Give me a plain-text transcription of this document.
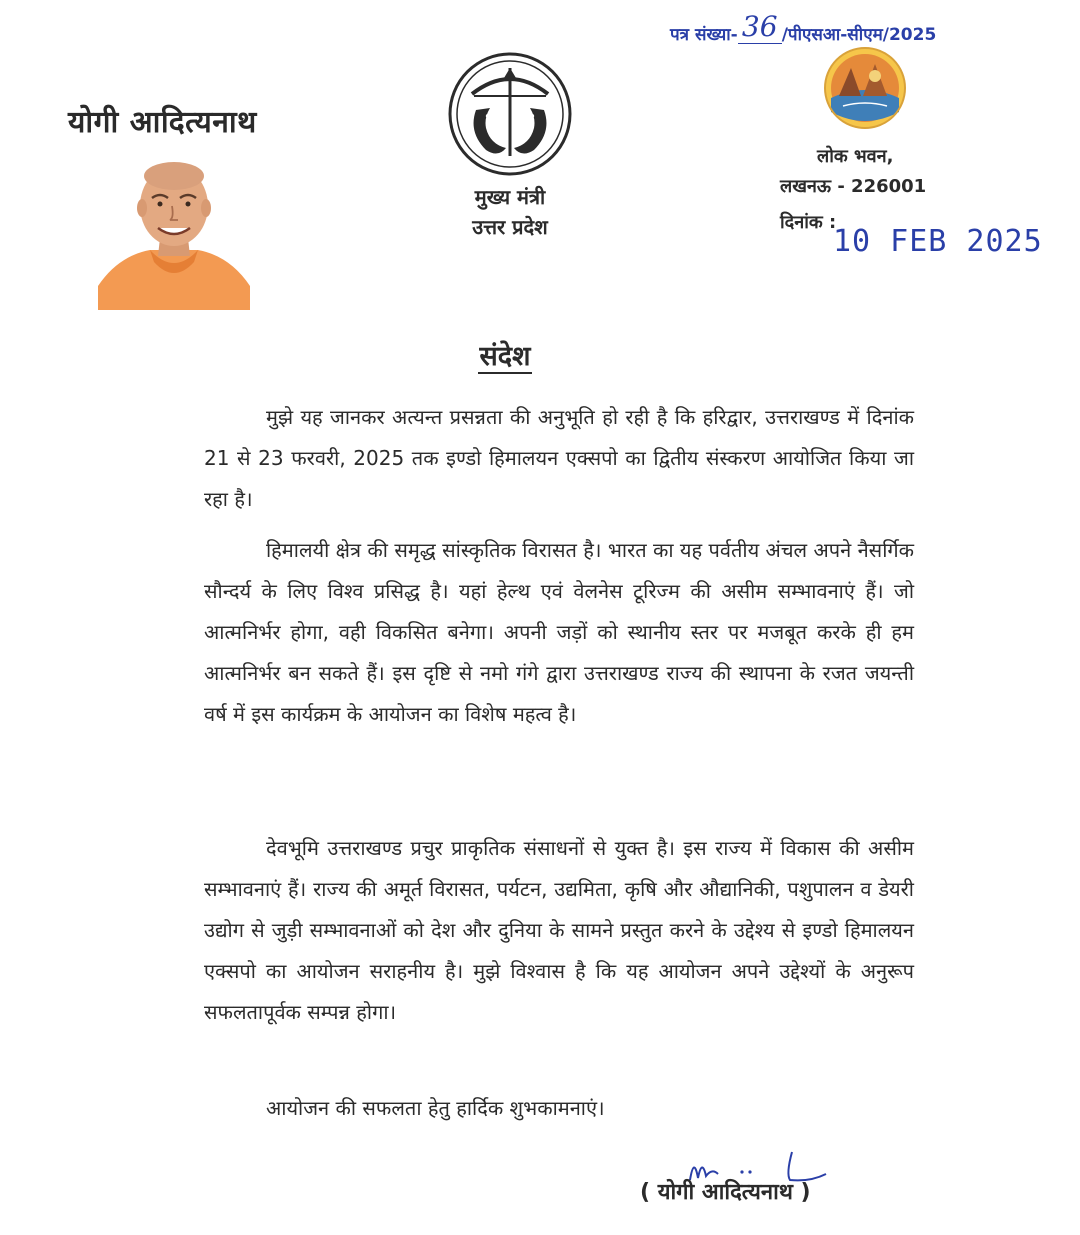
योगी आदित्यनाथ
मुख्य मंत्री
उत्तर प्रदेश
पत्र संख्या- 36 /पीएसआ-सीएम/2025
लोक भवन,
लखनऊ - 226001
दिनांक :
10 FEB 2025
संदेश
मुझे यह जानकर अत्यन्त प्रसन्नता की अनुभूति हो रही है कि हरिद्वार, उत्तराखण्ड में दिनांक 21 से 23 फरवरी, 2025 तक इण्डो हिमालयन एक्सपो का द्वितीय संस्करण आयोजित किया जा रहा है।
हिमालयी क्षेत्र की समृद्ध सांस्कृतिक विरासत है। भारत का यह पर्वतीय अंचल अपने नैसर्गिक सौन्दर्य के लिए विश्व प्रसिद्ध है। यहां हेल्थ एवं वेलनेस टूरिज्म की असीम सम्भावनाएं हैं। जो आत्मनिर्भर होगा, वही विकसित बनेगा। अपनी जड़ों को स्थानीय स्तर पर मजबूत करके ही हम आत्मनिर्भर बन सकते हैं। इस दृष्टि से नमो गंगे द्वारा उत्तराखण्ड राज्य की स्थापना के रजत जयन्ती वर्ष में इस कार्यक्रम के आयोजन का विशेष महत्व है।
देवभूमि उत्तराखण्ड प्रचुर प्राकृतिक संसाधनों से युक्त है। इस राज्य में विकास की असीम सम्भावनाएं हैं। राज्य की अमूर्त विरासत, पर्यटन, उद्यमिता, कृषि और औद्यानिकी, पशुपालन व डेयरी उद्योग से जुड़ी सम्भावनाओं को देश और दुनिया के सामने प्रस्तुत करने के उद्देश्य से इण्डो हिमालयन एक्सपो का आयोजन सराहनीय है। मुझे विश्वास है कि यह आयोजन अपने उद्देश्यों के अनुरूप सफलतापूर्वक सम्पन्न होगा।
आयोजन की सफलता हेतु हार्दिक शुभकामनाएं।
( योगी आदित्यनाथ )
